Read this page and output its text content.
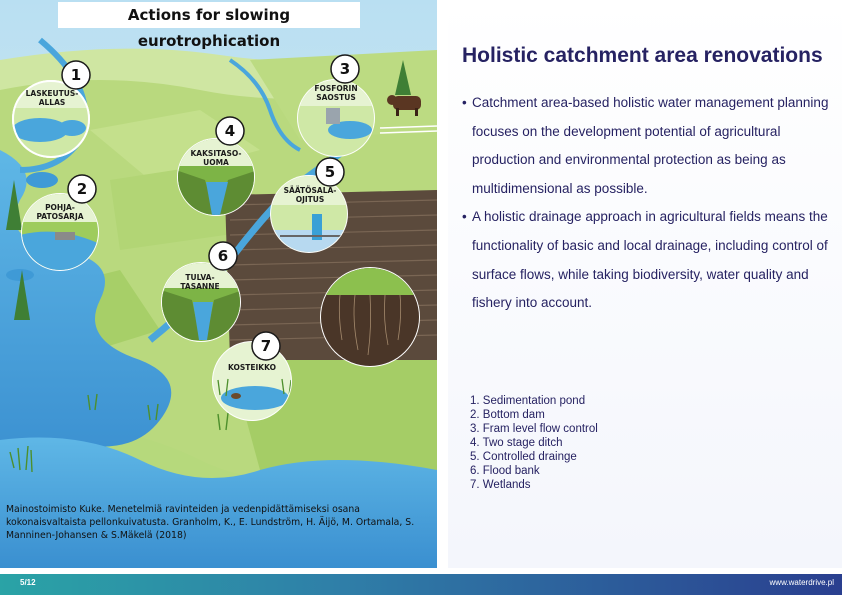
1
2
3
4
5
6
7
Actions for slowing eurotrophication
LASKEUTUS-
ALLAS
POHJA-
PATOSARJA
FOSFORIN
SAOSTUS
KAKSITASO-
UOMA
SÄÄTÖSALA-
OJITUS
TULVA-
TASANNE
KOSTEIKKO
Mainostoimisto Kuke. Menetelmiä ravinteiden ja vedenpidättämiseksi osana kokonaisvaltaista pellonkuivatusta. Granholm, K., E. Lundström, H. Äijö, M. Ortamala, S. Manninen-Johansen & S.Mäkelä (2018)
Holistic catchment area renovations
• Catchment area-based holistic water management planning focuses on the development potential of agricultural production and environmental protection as being as multidimensional as possible.
• A holistic drainage approach in agricultural fields means the functionality of basic and local drainage, including control of surface flows, while taking biodiversity, water quality and fishery into account.
1. Sedimentation pond
2. Bottom dam
3. Fram level flow control
4. Two stage ditch
5. Controlled drainge
6. Flood bank
7. Wetlands
5/12	www.waterdrive.pl
